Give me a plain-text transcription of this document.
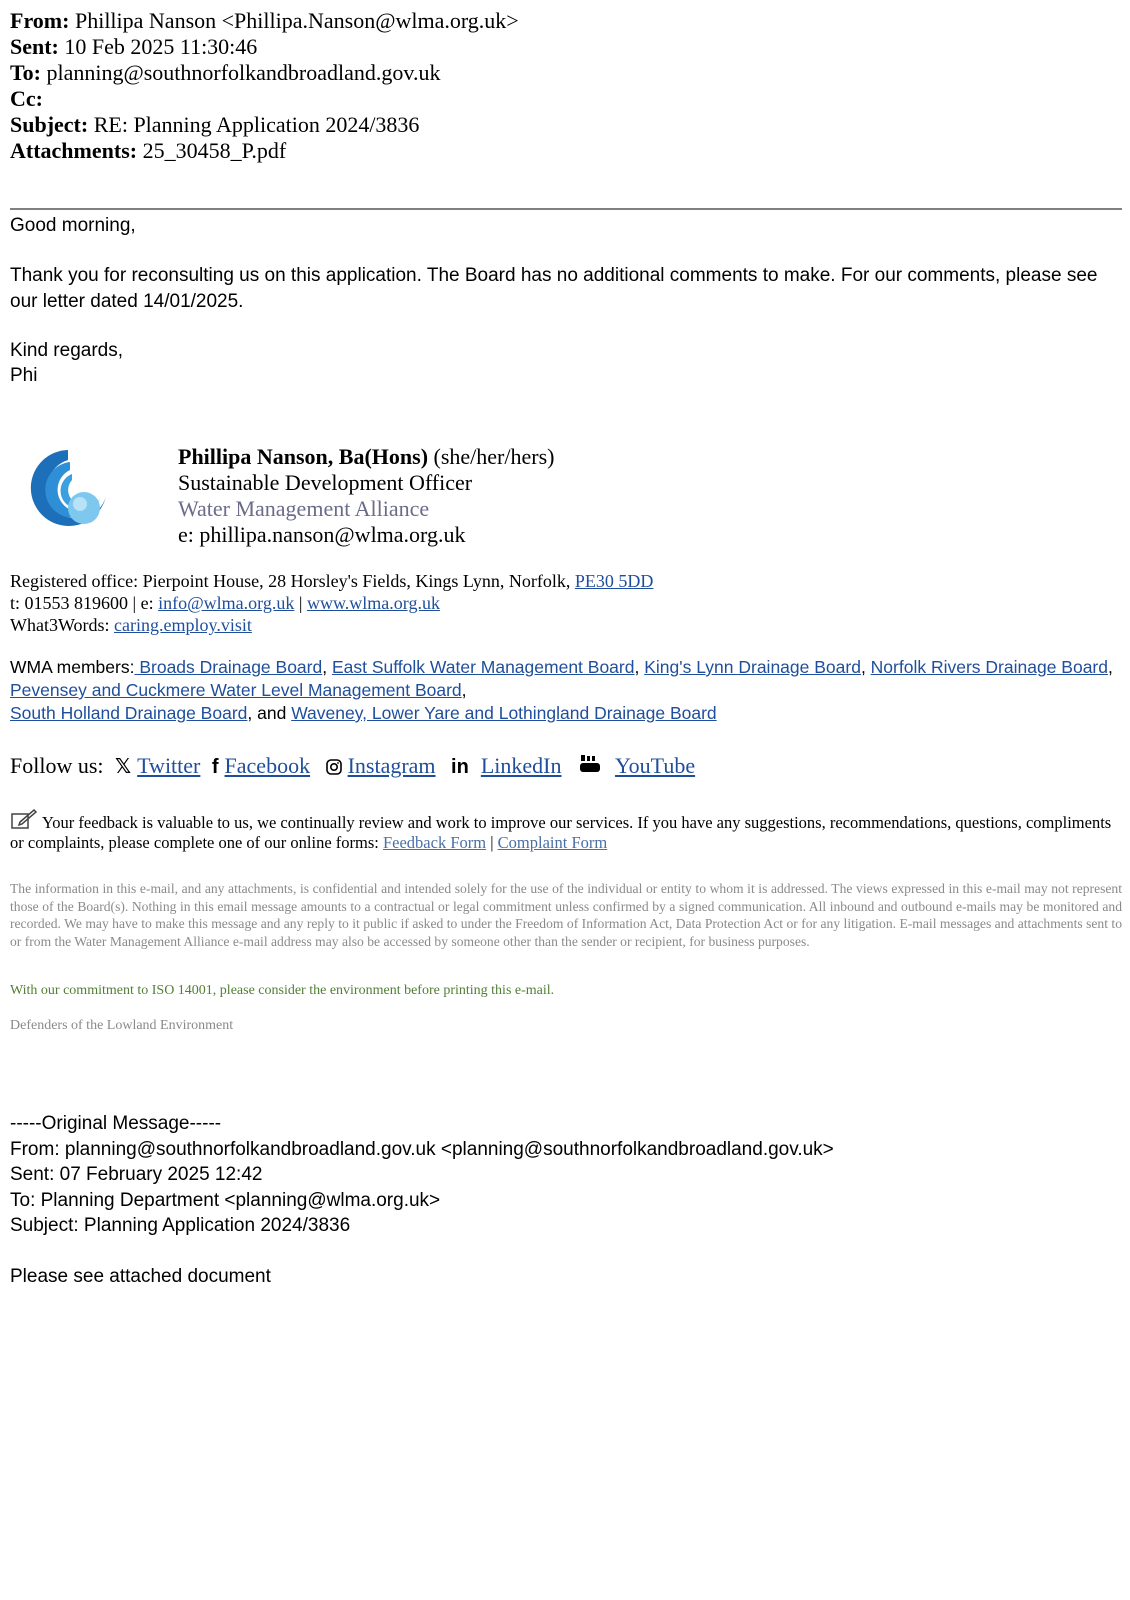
From: Phillipa Nanson <Phillipa.Nanson@wlma.org.uk>
Sent: 10 Feb 2025 11:30:46
To: planning@southnorfolkandbroadland.gov.uk
Cc:
Subject: RE: Planning Application 2024/3836
Attachments: 25_30458_P.pdf
Good morning,
Thank you for reconsulting us on this application. The Board has no additional comments to make. For our comments, please see our letter dated 14/01/2025.
Kind regards,
Phi
Phillipa Nanson, Ba(Hons) (she/her/hers)
Sustainable Development Officer
Water Management Alliance
e: phillipa.nanson@wlma.org.uk
Registered office: Pierpoint House, 28 Horsley's Fields, Kings Lynn, Norfolk, PE30 5DD
t: 01553 819600 | e: info@wlma.org.uk | www.wlma.org.uk
What3Words: caring.employ.visit
WMA members: Broads Drainage Board, East Suffolk Water Management Board, King's Lynn Drainage Board, Norfolk Rivers Drainage Board,
Pevensey and Cuckmere Water Level Management Board,
South Holland Drainage Board, and Waveney, Lower Yare and Lothingland Drainage Board
Follow us: 𝕏 Twitter f Facebook Instagram in LinkedIn YouTube
Your feedback is valuable to us, we continually review and work to improve our services. If you have any suggestions, recommendations, questions, compliments or complaints, please complete one of our online forms: Feedback Form | Complaint Form
The information in this e-mail, and any attachments, is confidential and intended solely for the use of the individual or entity to whom it is addressed. The views expressed in this e-mail may not represent those of the Board(s). Nothing in this email message amounts to a contractual or legal commitment unless confirmed by a signed communication. All inbound and outbound e-mails may be monitored and recorded. We may have to make this message and any reply to it public if asked to under the Freedom of Information Act, Data Protection Act or for any litigation. E-mail messages and attachments sent to or from the Water Management Alliance e-mail address may also be accessed by someone other than the sender or recipient, for business purposes.
With our commitment to ISO 14001, please consider the environment before printing this e-mail.
Defenders of the Lowland Environment
-----Original Message-----
From: planning@southnorfolkandbroadland.gov.uk <planning@southnorfolkandbroadland.gov.uk>
Sent: 07 February 2025 12:42
To: Planning Department <planning@wlma.org.uk>
Subject: Planning Application 2024/3836
Please see attached document
